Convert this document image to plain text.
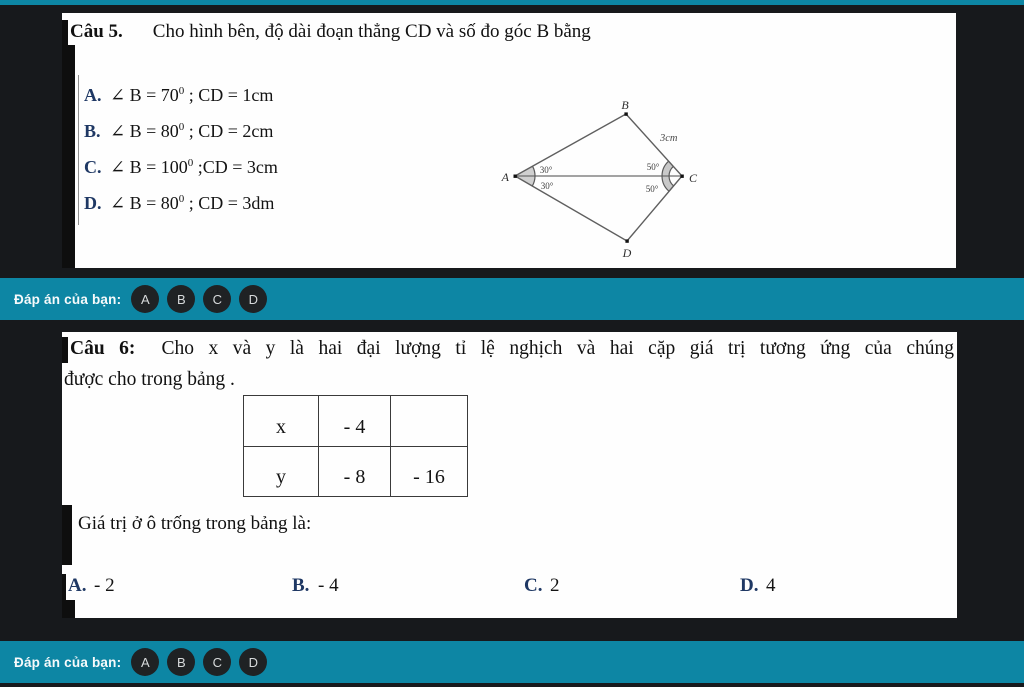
Câu 5. Cho hình bên, độ dài đoạn thẳng CD và số đo góc B bằng
A. ∠ $B = 70^0$ ; CD = 1cm
B. ∠ $B = 80^0$ ; CD = 2cm
C. ∠ $B = 100^0$ ;CD = 3cm
D. ∠ $B = 80^0$ ; CD = 3dm
A
B
C
D
3cm
30°
30°
50°
50°
Đáp án của bạn:	A	B	C	D
Câu 6: Cho x và y là hai đại lượng tỉ lệ nghịch và hai cặp giá trị tương ứng của chúng
được cho trong bảng .
x	- 4	
y	- 8	- 16
Giá trị ở ô trống trong bảng là:
A. - 2	B. - 4	C. 2	D. 4
Đáp án của bạn:	A	B	C	D
